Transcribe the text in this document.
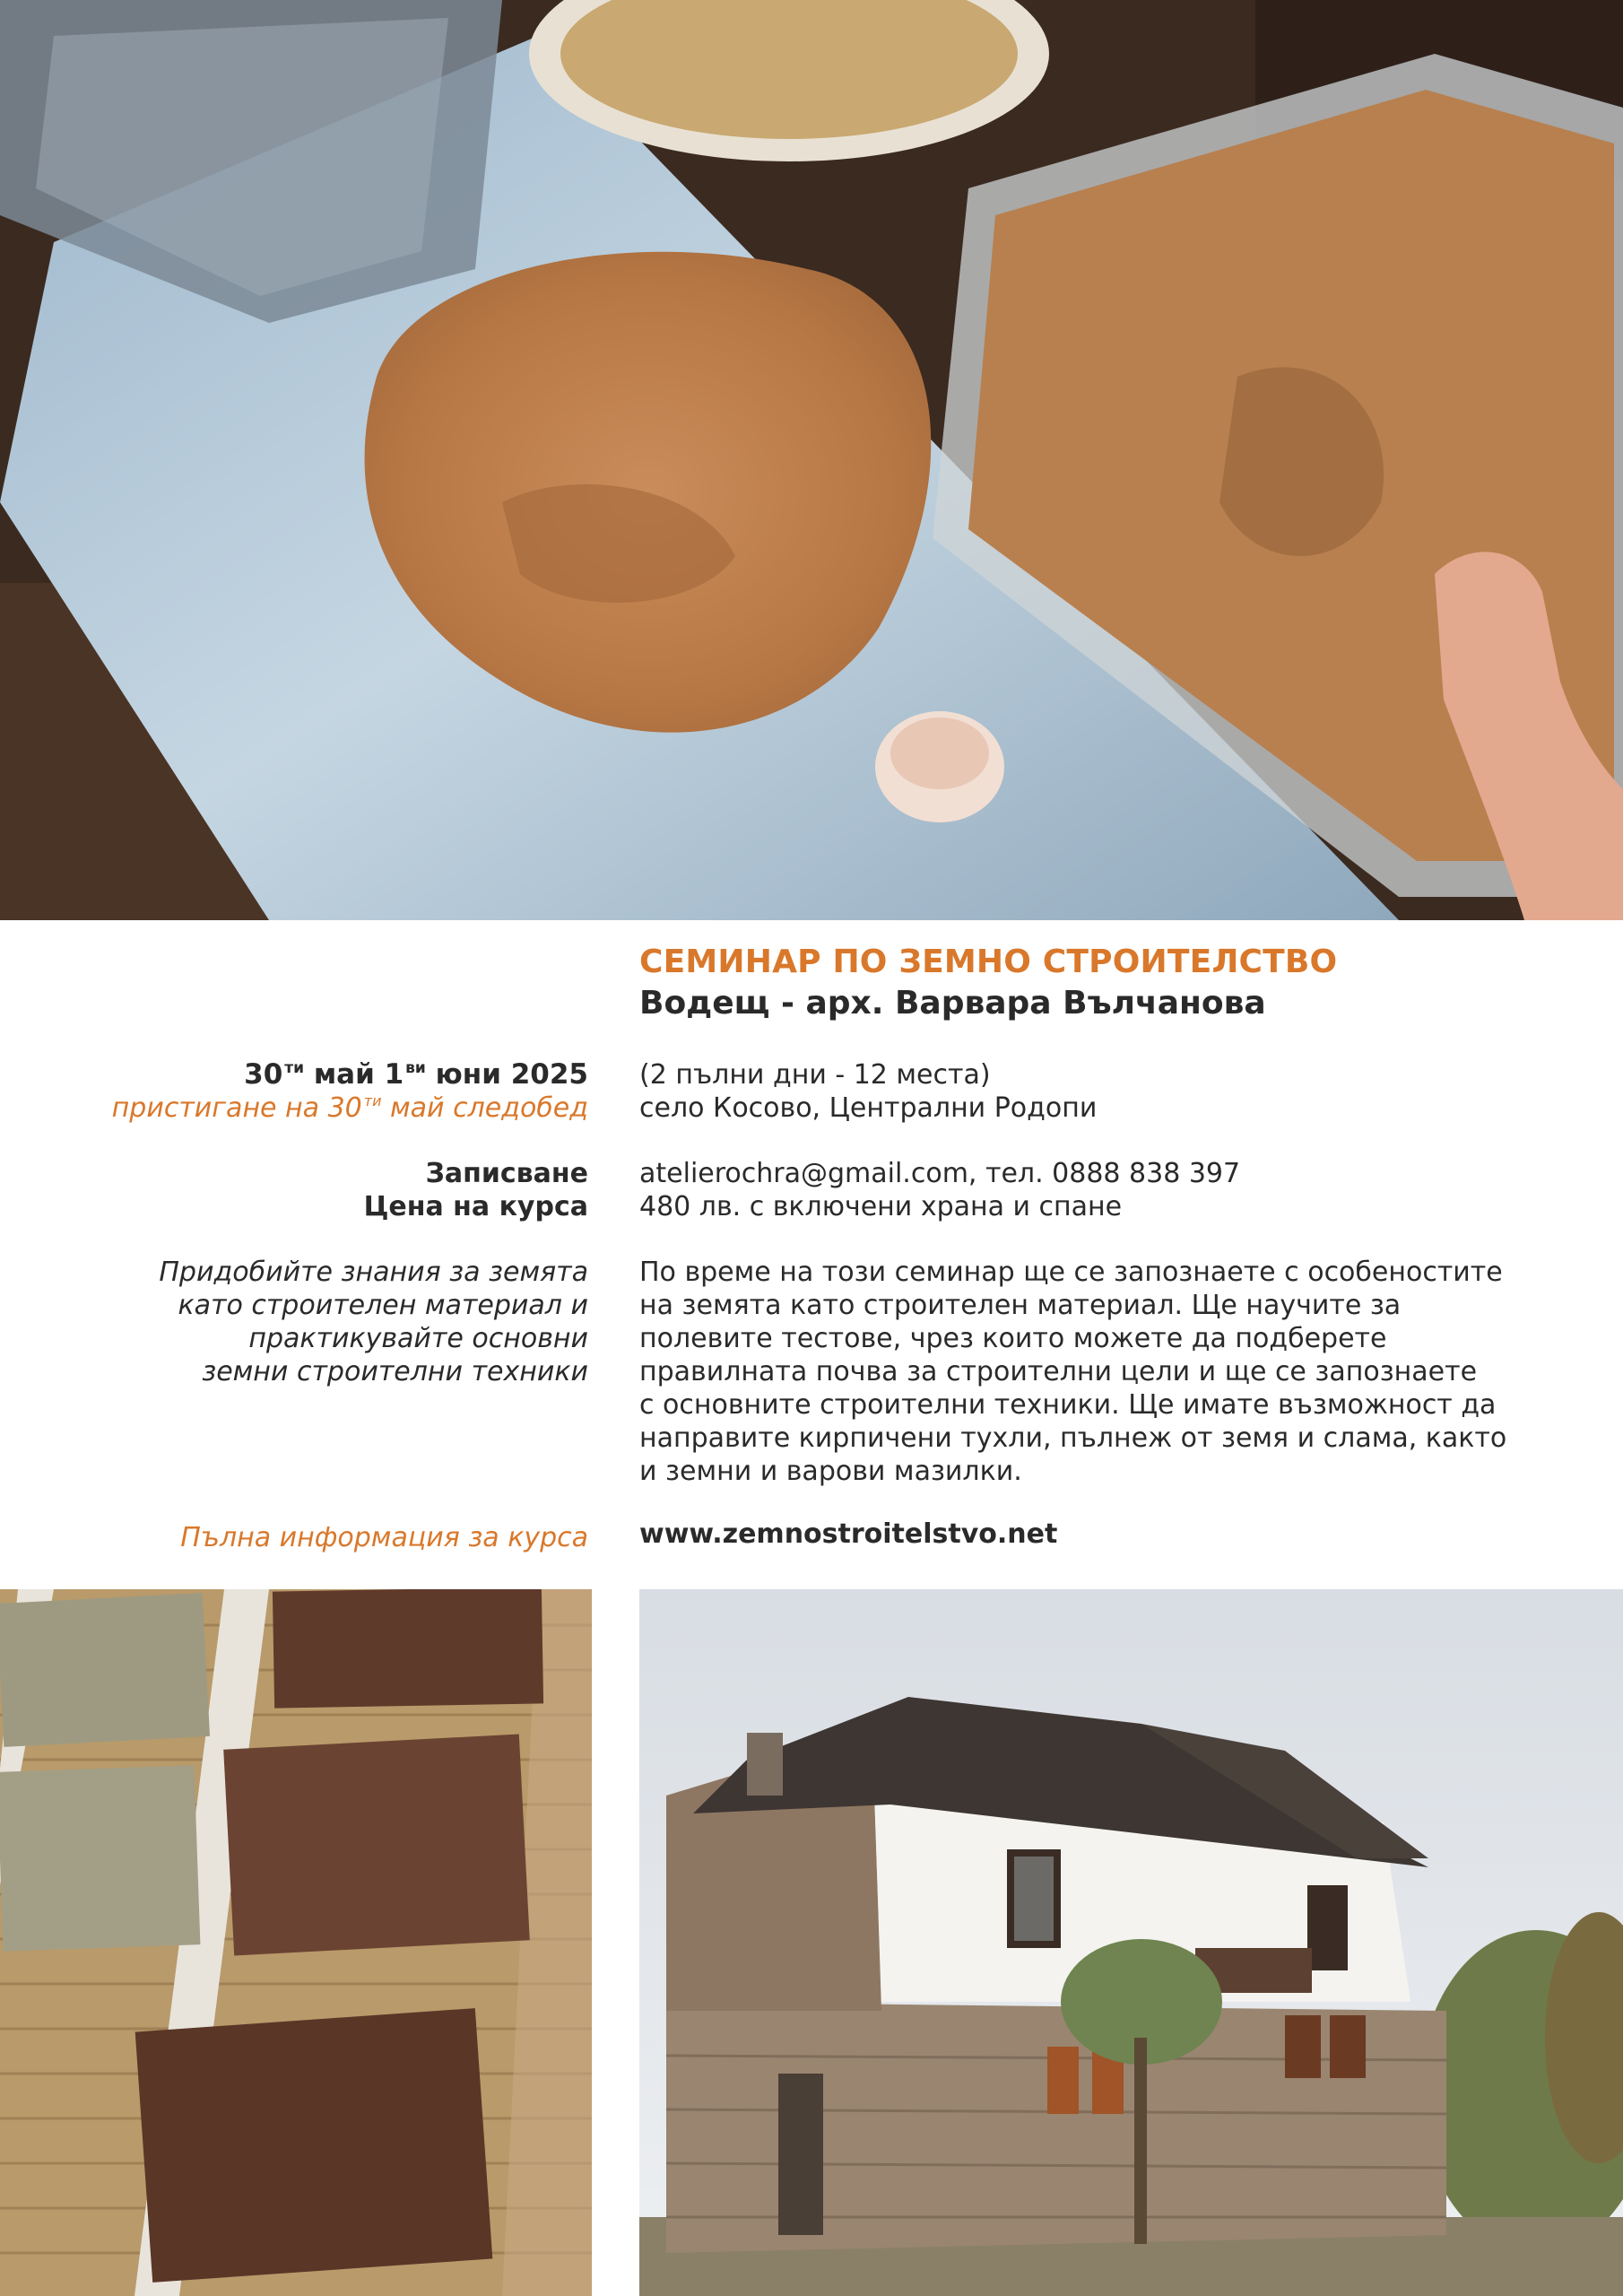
СЕМИНАР ПО ЗЕМНО СТРОИТЕЛСТВО
Водещ - арх. Варвара Вълчанова
30 $^{ти}$ май 1 $^{ви}$ юни 2025
пристигане на 30 $^{ти}$ май следобед
(2 пълни дни - 12 места)
село Косово, Централни Родопи
Записване
Цена на курса
atelierochra@gmail.com, тел. 0888 838 397
480 лв. с включени храна и спане
Придобийте знания за земята
като строителен материал и
практикувайте основни
земни строителни техники
По време на този семинар ще се запознаете с особеностите
на земята като строителен материал. Ще научите за
полевите тестове, чрез които можете да подберете
правилната почва за строителни цели и ще се запознаете
с основните строителни техники. Ще имате възможност да
направите кирпичени тухли, пълнеж от земя и слама, както
и земни и варови мазилки.
Пълна информация за курса www.zemnostroitelstvo.net
